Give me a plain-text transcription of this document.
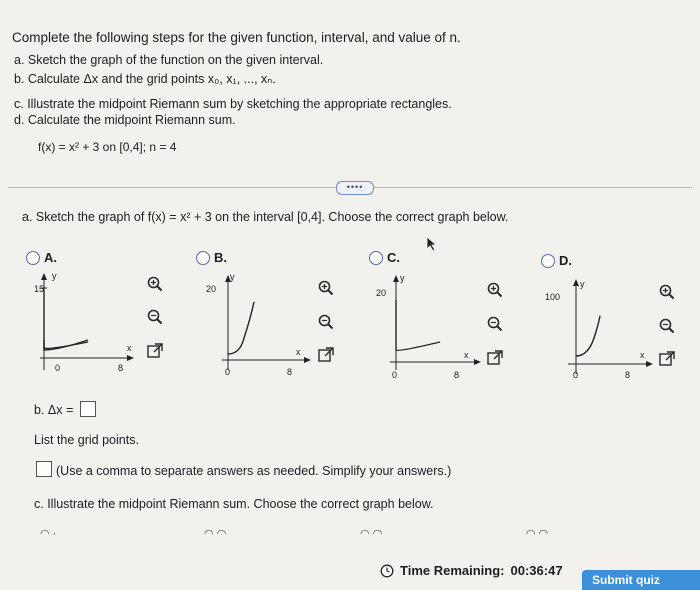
Complete the following steps for the given function, interval, and value of n.
a. Sketch the graph of the function on the given interval.
b. Calculate Δx and the grid points x₀, x₁, ..., xₙ.
c. Illustrate the midpoint Riemann sum by sketching the appropriate rectangles.
d. Calculate the midpoint Riemann sum.
f(x) = x² + 3 on [0,4]; n = 4
••••
a. Sketch the graph of f(x) = x² + 3 on the interval [0,4]. Choose the correct graph below.
A.
15
y
x
0	8
B.
20
y
x
0	8
C.
20
y
x
0	8
D.
100
y
x
0	8
b. Δx =
List the grid points.
(Use a comma to separate answers as needed. Simplify your answers.)
c. Illustrate the midpoint Riemann sum. Choose the correct graph below.
◠ ·	◠ ◠	◠ ◠	◠ ◠
Time Remaining: 00:36:47
Submit quiz
